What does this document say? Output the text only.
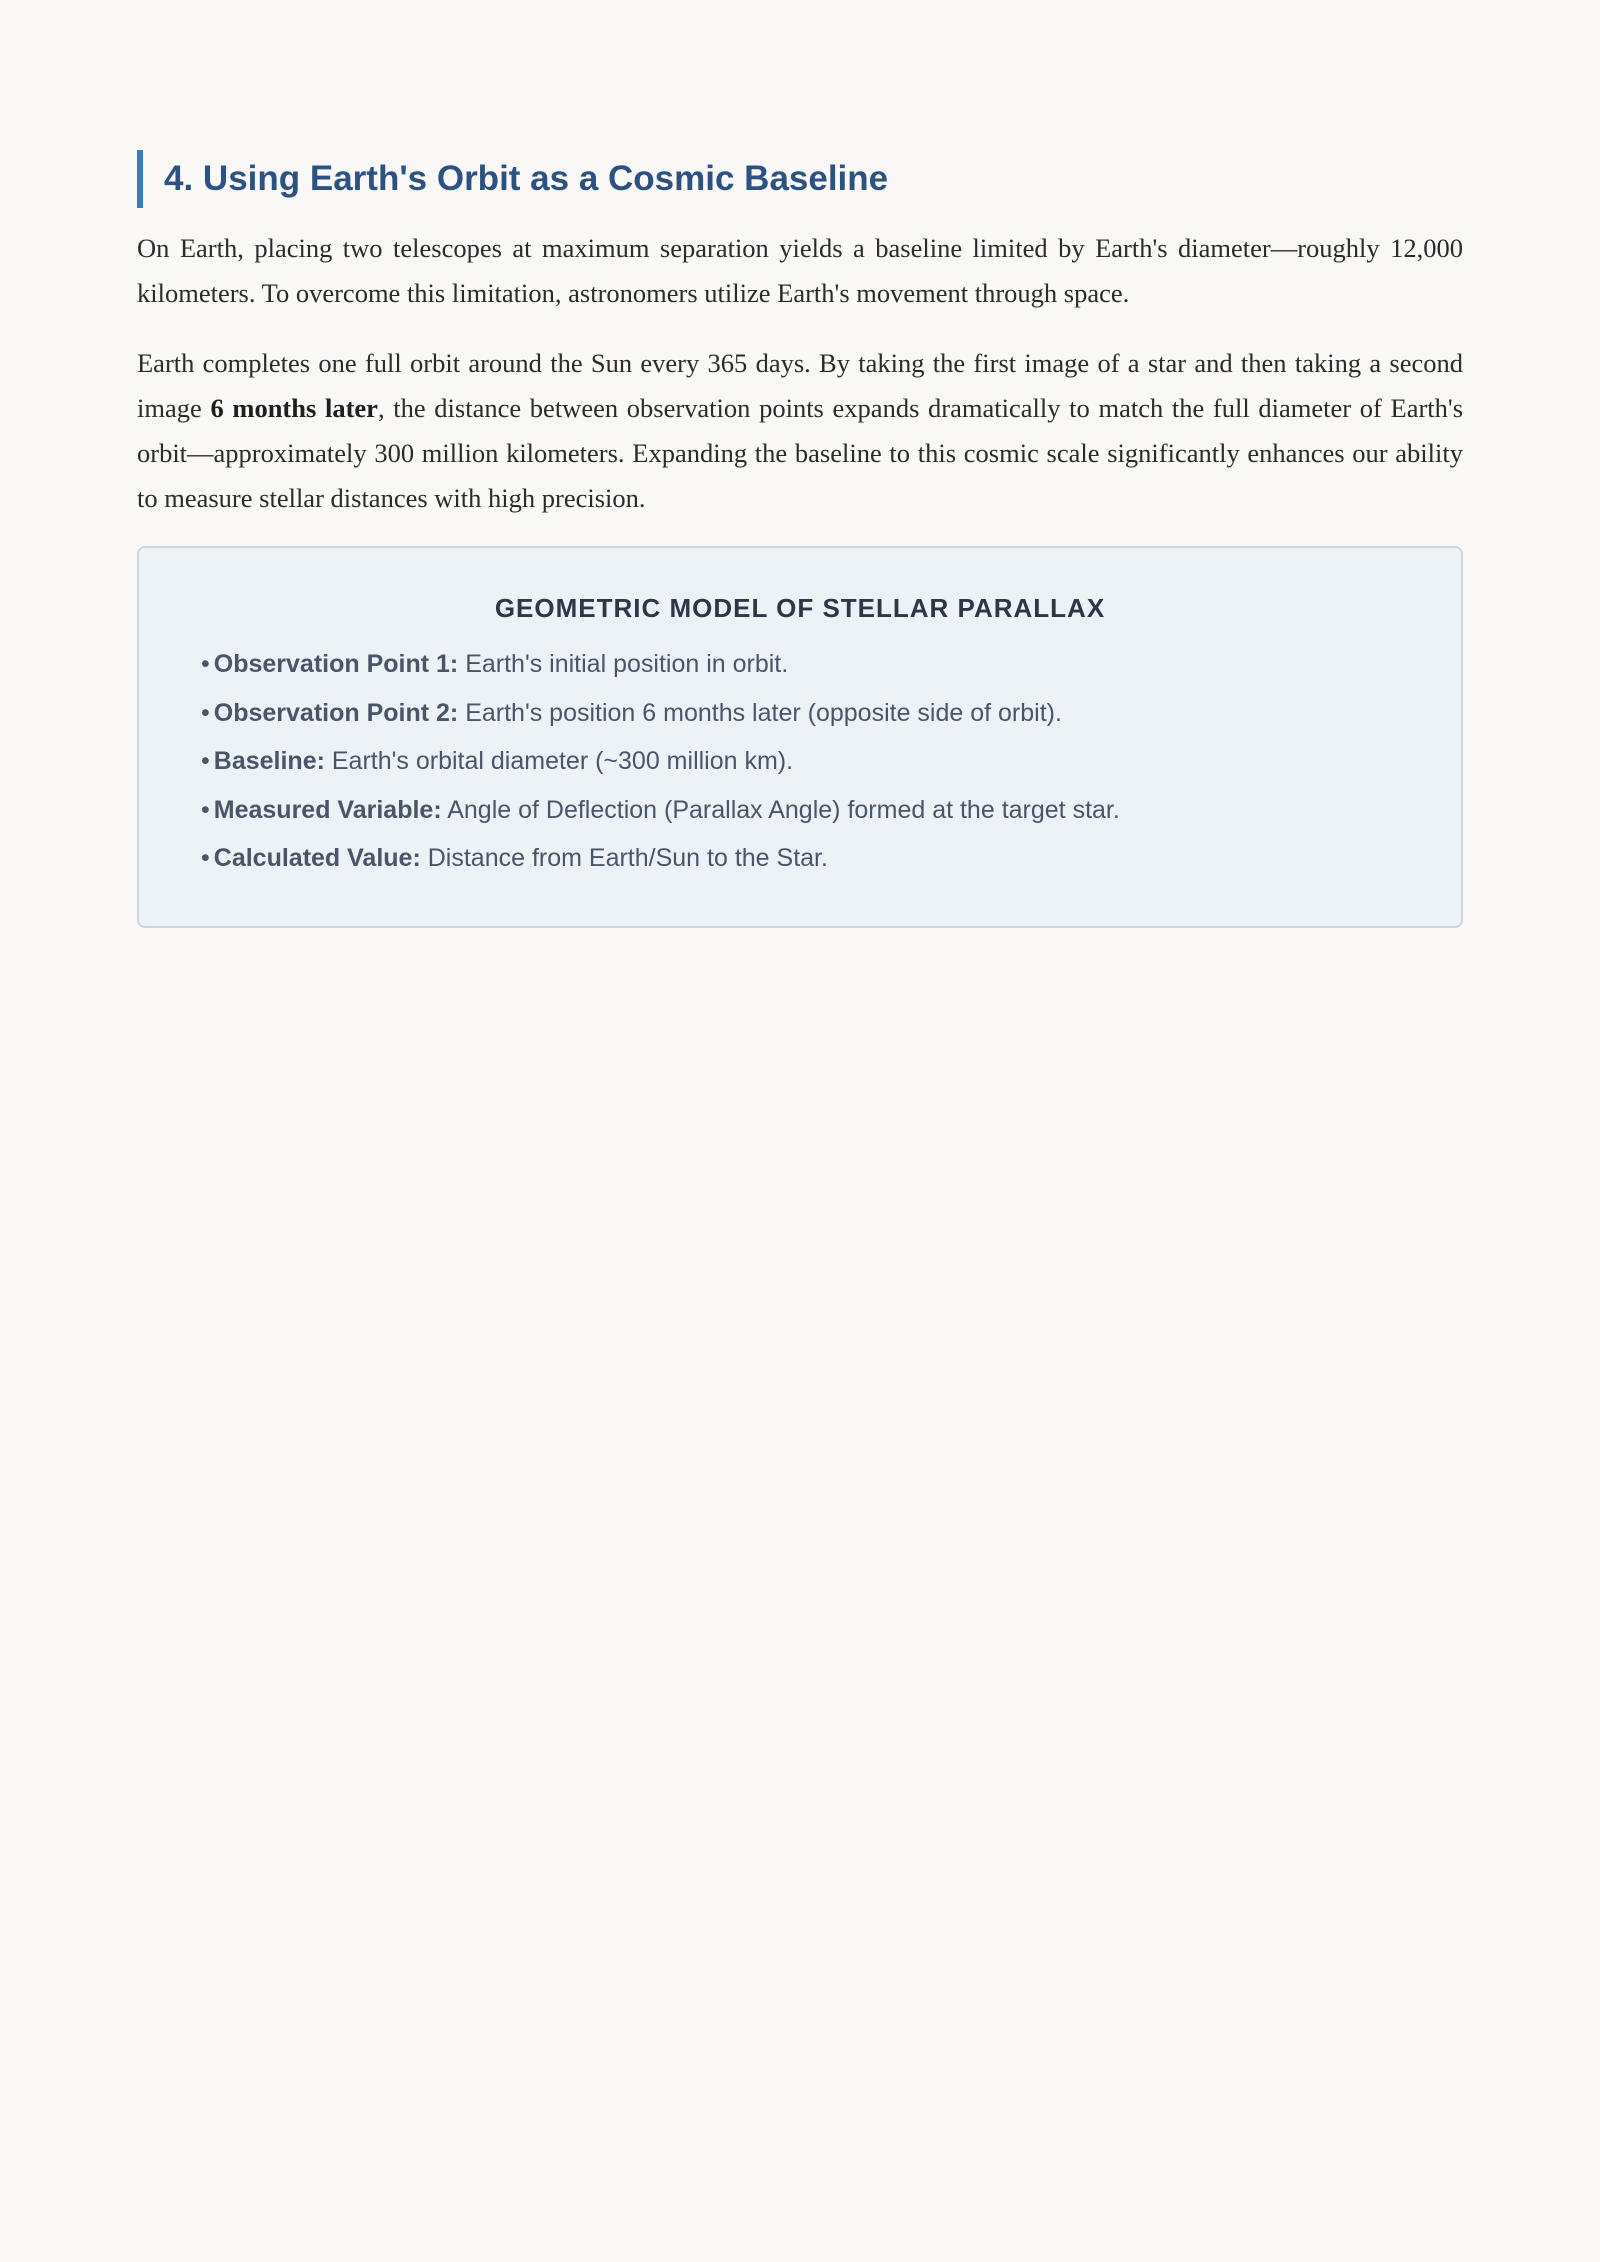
4. Using Earth's Orbit as a Cosmic Baseline

On Earth, placing two telescopes at maximum separation yields a baseline limited by Earth's diameter—roughly 12,000 kilometers. To overcome this limitation, astronomers utilize Earth's movement through space.

Earth completes one full orbit around the Sun every 365 days. By taking the first image of a star and then taking a second image 6 months later, the distance between observation points expands dramatically to match the full diameter of Earth's orbit—approximately 300 million kilometers. Expanding the baseline to this cosmic scale significantly enhances our ability to measure stellar distances with high precision.

GEOMETRIC MODEL OF STELLAR PARALLAX
• Observation Point 1: Earth's initial position in orbit.
• Observation Point 2: Earth's position 6 months later (opposite side of orbit).
• Baseline: Earth's orbital diameter (~300 million km).
• Measured Variable: Angle of Deflection (Parallax Angle) formed at the target star.
• Calculated Value: Distance from Earth/Sun to the Star.
